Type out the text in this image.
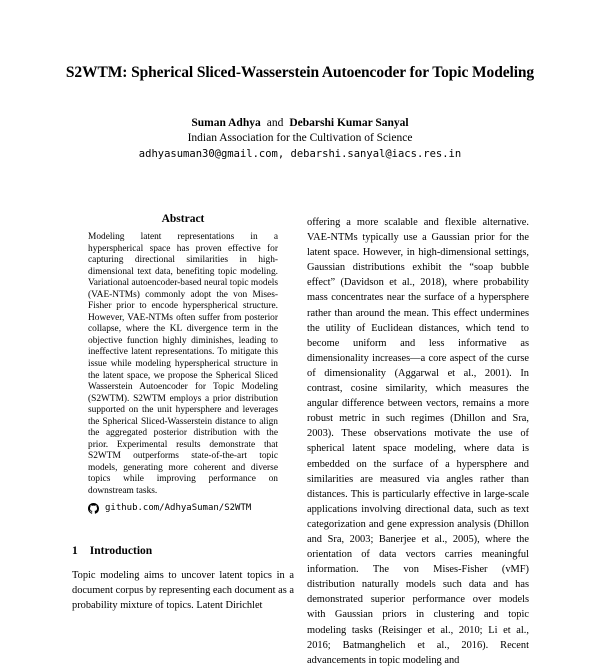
S2WTM: Spherical Sliced-Wasserstein Autoencoder for Topic Modeling
Suman Adhya and Debarshi Kumar Sanyal
Indian Association for the Cultivation of Science
adhyasuman30@gmail.com, debarshi.sanyal@iacs.res.in
Abstract
Modeling latent representations in a hyperspherical space has proven effective for capturing directional similarities in high-dimensional text data, benefiting topic modeling. Variational autoencoder-based neural topic models (VAE-NTMs) commonly adopt the von Mises-Fisher prior to encode hyperspherical structure. However, VAE-NTMs often suffer from posterior collapse, where the KL divergence term in the objective function highly diminishes, leading to ineffective latent representations. To mitigate this issue while modeling hyperspherical structure in the latent space, we propose the Spherical Sliced Wasserstein Autoencoder for Topic Modeling (S2WTM). S2WTM employs a prior distribution supported on the unit hypersphere and leverages the Spherical Sliced-Wasserstein distance to align the aggregated posterior distribution with the prior. Experimental results demonstrate that S2WTM outperforms state-of-the-art topic models, generating more coherent and diverse topics while improving performance on downstream tasks.
github.com/AdhyaSuman/S2WTM
1 Introduction
Topic modeling aims to uncover latent topics in a document corpus by representing each document as a probability mixture of topics. Latent Dirichlet
offering a more scalable and flexible alternative. VAE-NTMs typically use a Gaussian prior for the latent space. However, in high-dimensional settings, Gaussian distributions exhibit the “soap bubble effect” (Davidson et al., 2018), where probability mass concentrates near the surface of a hypersphere rather than around the mean. This effect undermines the utility of Euclidean distances, which tend to become uniform and less informative as dimensionality increases—a core aspect of the curse of dimensionality (Aggarwal et al., 2001). In contrast, cosine similarity, which measures the angular difference between vectors, remains a more robust metric in such regimes (Dhillon and Sra, 2003). These observations motivate the use of spherical latent space modeling, where data is embedded on the surface of a hypersphere and similarities are measured via angles rather than distances. This is particularly effective in large-scale applications involving directional data, such as text categorization and gene expression analysis (Dhillon and Sra, 2003; Banerjee et al., 2005), where the orientation of data vectors carries meaningful information. The von Mises-Fisher (vMF) distribution naturally models such data and has demonstrated superior performance over models with Gaussian priors in clustering and topic modeling tasks (Reisinger et al., 2010; Li et al., 2016; Batmanghelich et al., 2016). Recent advancements in topic modeling and
